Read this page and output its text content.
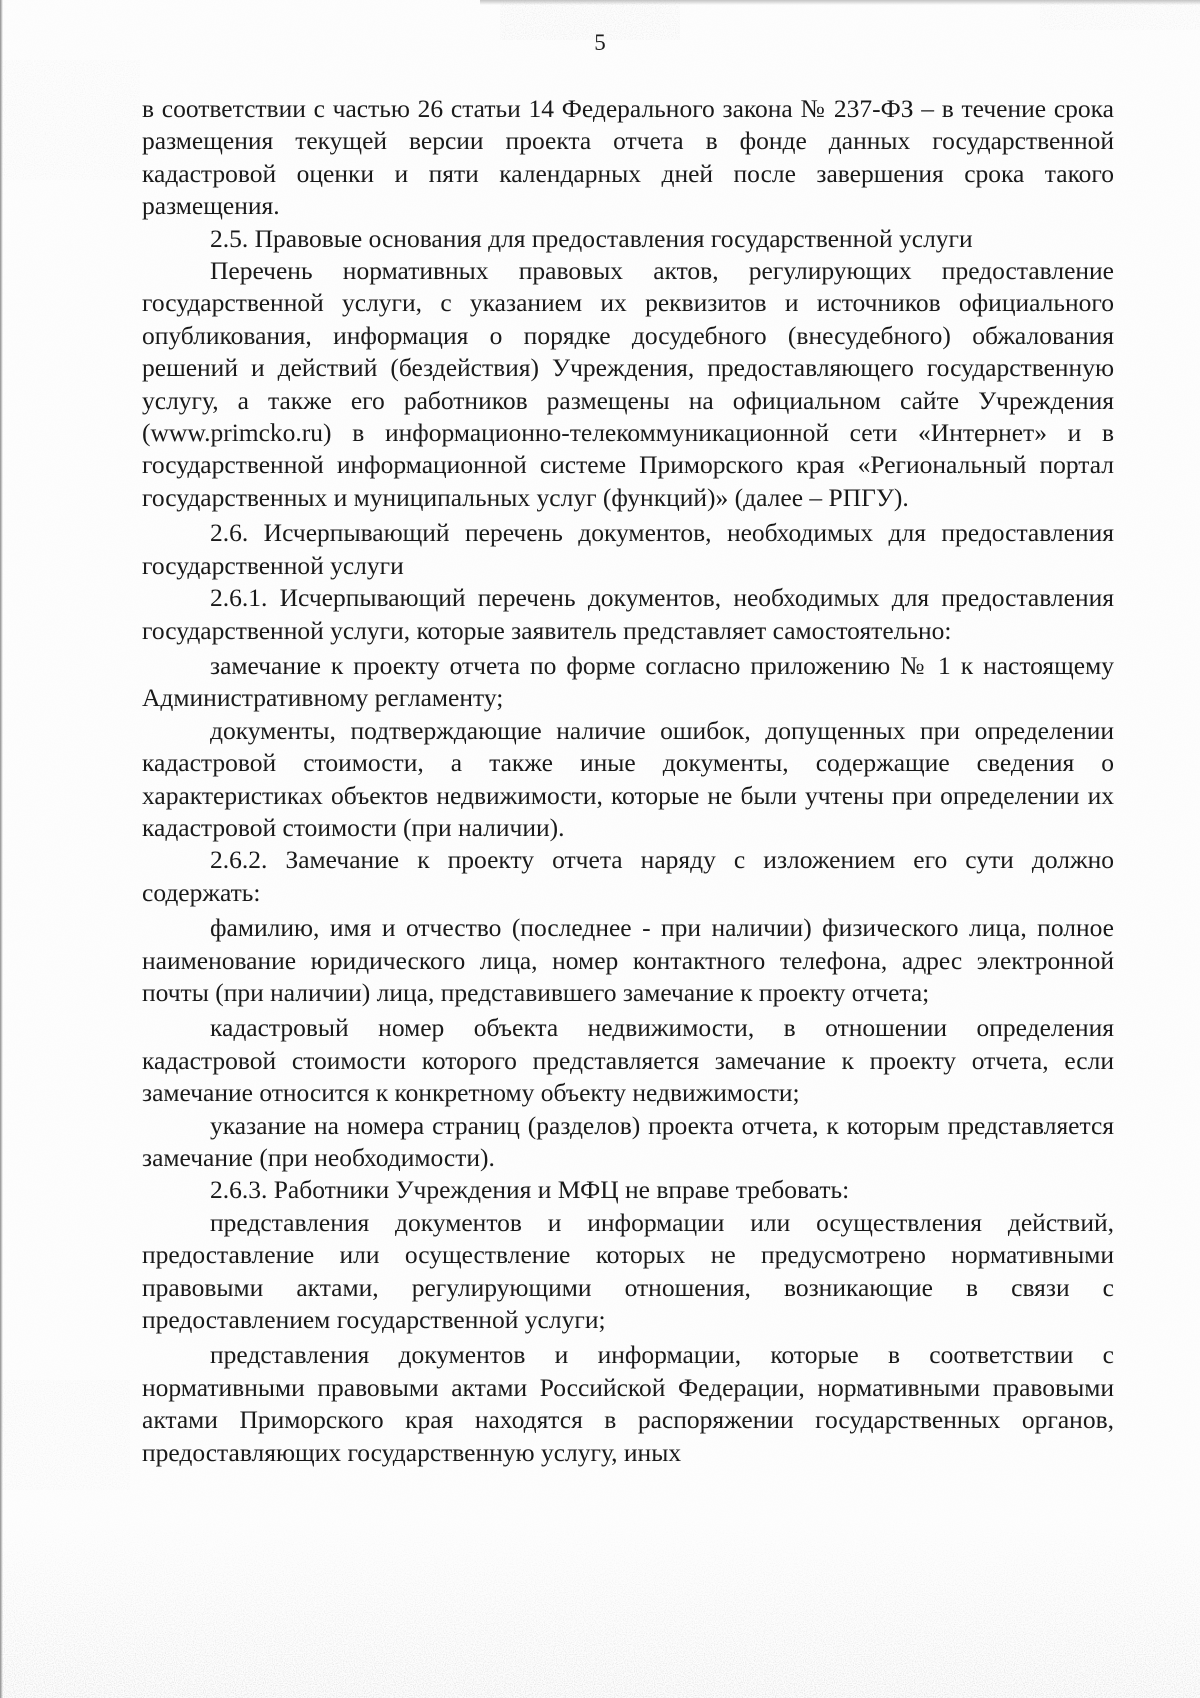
5

в соответствии с частью 26 статьи 14 Федерального закона № 237-ФЗ – в течение срока размещения текущей версии проекта отчета в фонде данных государственной кадастровой оценки и пяти календарных дней после завершения срока такого размещения.

2.5. Правовые основания для предоставления государственной услуги

Перечень нормативных правовых актов, регулирующих предоставление государственной услуги, с указанием их реквизитов и источников официального опубликования, информация о порядке досудебного (внесудебного) обжалования решений и действий (бездействия) Учреждения, предоставляющего государственную услугу, а также его работников размещены на официальном сайте Учреждения (www.primcko.ru) в информационно-телекоммуникационной сети «Интернет» и в государственной информационной системе Приморского края «Региональный портал государственных и муниципальных услуг (функций)» (далее – РПГУ).

2.6. Исчерпывающий перечень документов, необходимых для предоставления государственной услуги

2.6.1. Исчерпывающий перечень документов, необходимых для предоставления государственной услуги, которые заявитель представляет самостоятельно:

замечание к проекту отчета по форме согласно приложению № 1 к настоящему Административному регламенту;

документы, подтверждающие наличие ошибок, допущенных при определении кадастровой стоимости, а также иные документы, содержащие сведения о характеристиках объектов недвижимости, которые не были учтены при определении их кадастровой стоимости (при наличии).

2.6.2. Замечание к проекту отчета наряду с изложением его сути должно содержать:

фамилию, имя и отчество (последнее - при наличии) физического лица, полное наименование юридического лица, номер контактного телефона, адрес электронной почты (при наличии) лица, представившего замечание к проекту отчета;

кадастровый номер объекта недвижимости, в отношении определения кадастровой стоимости которого представляется замечание к проекту отчета, если замечание относится к конкретному объекту недвижимости;

указание на номера страниц (разделов) проекта отчета, к которым представляется замечание (при необходимости).

2.6.3. Работники Учреждения и МФЦ не вправе требовать:

представления документов и информации или осуществления действий, предоставление или осуществление которых не предусмотрено нормативными правовыми актами, регулирующими отношения, возникающие в связи с предоставлением государственной услуги;

представления документов и информации, которые в соответствии с нормативными правовыми актами Российской Федерации, нормативными правовыми актами Приморского края находятся в распоряжении государственных органов, предоставляющих государственную услугу, иных
